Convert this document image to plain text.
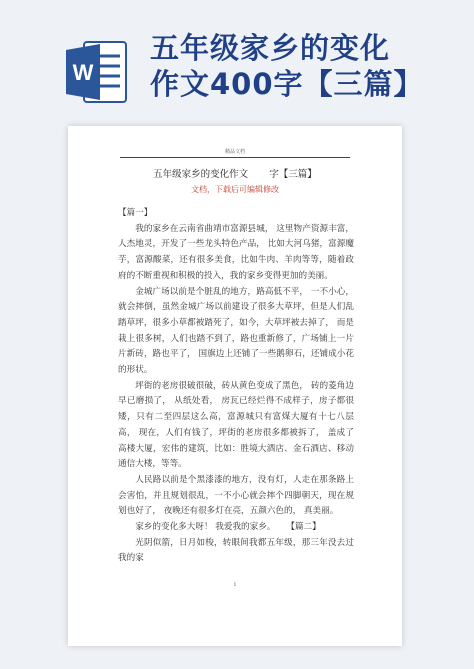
W
五年级家乡的变化
作文400字【三篇】
精品文档
五年级家乡的变化作文       字【三篇】
文档，下载后可编辑修改

【篇一】

我的家乡在云南省曲靖市富源县城， 这里物产资源丰富， 人杰地灵，开发了一些龙头特色产品， 比如大河乌猪，富源魔芋，富源酸菜，还有很多美食，比如牛肉、羊肉等等，随着政府的不断重视和积极的投入，我的家乡变得更加的美丽。

金城广场以前是个脏乱的地方，路高低不平， 一不小心，就会摔倒，虽然金城广场以前建设了很多大草坪，但是人们乱踏草坪，很多小草都被踏死了，如今，大草坪被去掉了， 而是栽上很多树，人们也踏不到了，路也重新修了，广场铺上一片片新砖，路也平了， 国旗边上还铺了一些鹅卵石，还铺成小花的形状。

坪街的老房很破很破，砖从黄色变成了黑色， 砖的菱角边早已磨损了， 从纸处看， 房瓦已经烂得不成样子，房子都很矮，只有二至四层这么高，富源城只有富煤大厦有十七八层高， 现在，人们有钱了，坪街的老房很多都被拆了， 盖成了高楼大厦，宏伟的建筑，比如：胜境大酒店、金石酒店、移动通信大楼，等等。

人民路以前是个黑漆漆的地方，没有灯，人走在那条路上会害怕，并且规划很乱，一不小心就会摔个四脚朝天，现在规划也好了， 夜晚还有很多灯在亮，五颜六色的， 真美丽。

家乡的变化多大呀！ 我爱我的家乡。 【篇二】

光阴似箭，日月如梭，转眼间我都五年级，那三年没去过我的家

1
